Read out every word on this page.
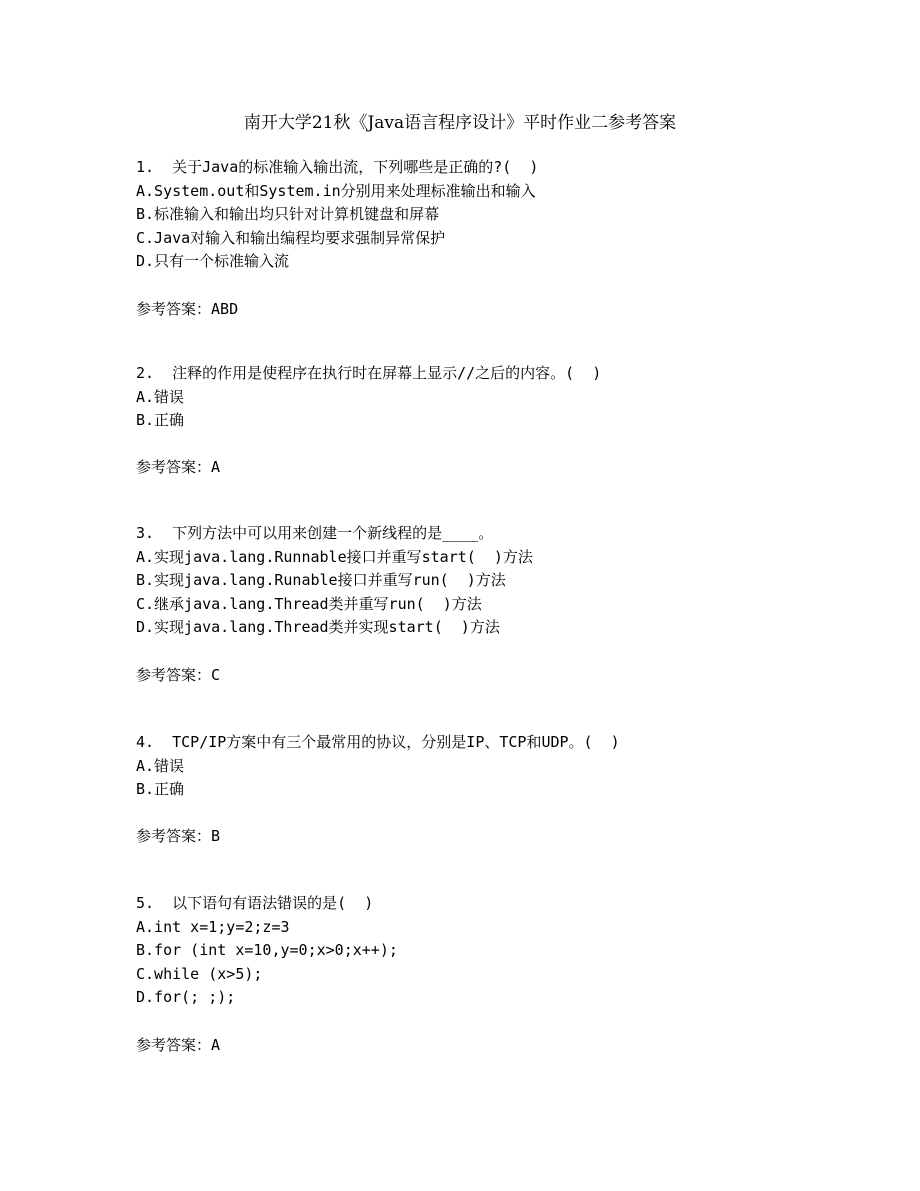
南开大学21秋《Java语言程序设计》平时作业二参考答案
1.  关于Java的标准输入输出流，下列哪些是正确的?(  )
A.System.out和System.in分别用来处理标准输出和输入
B.标准输入和输出均只针对计算机键盘和屏幕
C.Java对输入和输出编程均要求强制异常保护
D.只有一个标准输入流
参考答案：ABD
2.  注释的作用是使程序在执行时在屏幕上显示//之后的内容。(  )
A.错误
B.正确
参考答案：A
3.  下列方法中可以用来创建一个新线程的是____。
A.实现java.lang.Runnable接口并重写start(  )方法
B.实现java.lang.Runable接口并重写run(  )方法
C.继承java.lang.Thread类并重写run(  )方法
D.实现java.lang.Thread类并实现start(  )方法
参考答案：C
4.  TCP/IP方案中有三个最常用的协议，分别是IP、TCP和UDP。(  )
A.错误
B.正确
参考答案：B
5.  以下语句有语法错误的是(  )
A.int x=1;y=2;z=3
B.for (int x=10,y=0;x>0;x++);
C.while (x>5);
D.for(; ;);
参考答案：A
